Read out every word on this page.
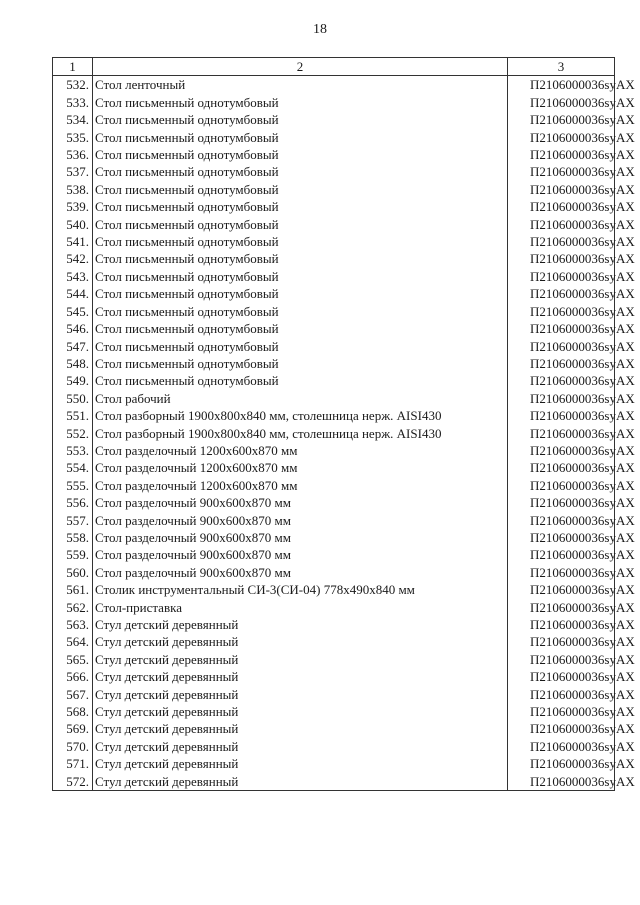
18
1	2	3
532.	Стол ленточный	П2106000036syAX
533.	Стол письменный однотумбовый	П2106000036syAX
534.	Стол письменный однотумбовый	П2106000036syAX
535.	Стол письменный однотумбовый	П2106000036syAX
536.	Стол письменный однотумбовый	П2106000036syAX
537.	Стол письменный однотумбовый	П2106000036syAX
538.	Стол письменный однотумбовый	П2106000036syAX
539.	Стол письменный однотумбовый	П2106000036syAX
540.	Стол письменный однотумбовый	П2106000036syAX
541.	Стол письменный однотумбовый	П2106000036syAX
542.	Стол письменный однотумбовый	П2106000036syAX
543.	Стол письменный однотумбовый	П2106000036syAX
544.	Стол письменный однотумбовый	П2106000036syAX
545.	Стол письменный однотумбовый	П2106000036syAX
546.	Стол письменный однотумбовый	П2106000036syAX
547.	Стол письменный однотумбовый	П2106000036syAX
548.	Стол письменный однотумбовый	П2106000036syAX
549.	Стол письменный однотумбовый	П2106000036syAX
550.	Стол рабочий	П2106000036syAX
551.	Стол разборный 1900x800x840 мм, столешница нерж. AISI430	П2106000036syAX
552.	Стол разборный 1900x800x840 мм, столешница нерж. AISI430	П2106000036syAX
553.	Стол разделочный 1200x600x870 мм	П2106000036syAX
554.	Стол разделочный 1200x600x870 мм	П2106000036syAX
555.	Стол разделочный 1200x600x870 мм	П2106000036syAX
556.	Стол разделочный 900x600x870 мм	П2106000036syAX
557.	Стол разделочный 900x600x870 мм	П2106000036syAX
558.	Стол разделочный 900x600x870 мм	П2106000036syAX
559.	Стол разделочный 900x600x870 мм	П2106000036syAX
560.	Стол разделочный 900x600x870 мм	П2106000036syAX
561.	Столик инструментальный СИ-3(СИ-04) 778x490x840 мм	П2106000036syAX
562.	Стол-приставка	П2106000036syAX
563.	Стул детский деревянный	П2106000036syAX
564.	Стул детский деревянный	П2106000036syAX
565.	Стул детский деревянный	П2106000036syAX
566.	Стул детский деревянный	П2106000036syAX
567.	Стул детский деревянный	П2106000036syAX
568.	Стул детский деревянный	П2106000036syAX
569.	Стул детский деревянный	П2106000036syAX
570.	Стул детский деревянный	П2106000036syAX
571.	Стул детский деревянный	П2106000036syAX
572.	Стул детский деревянный	П2106000036syAX
